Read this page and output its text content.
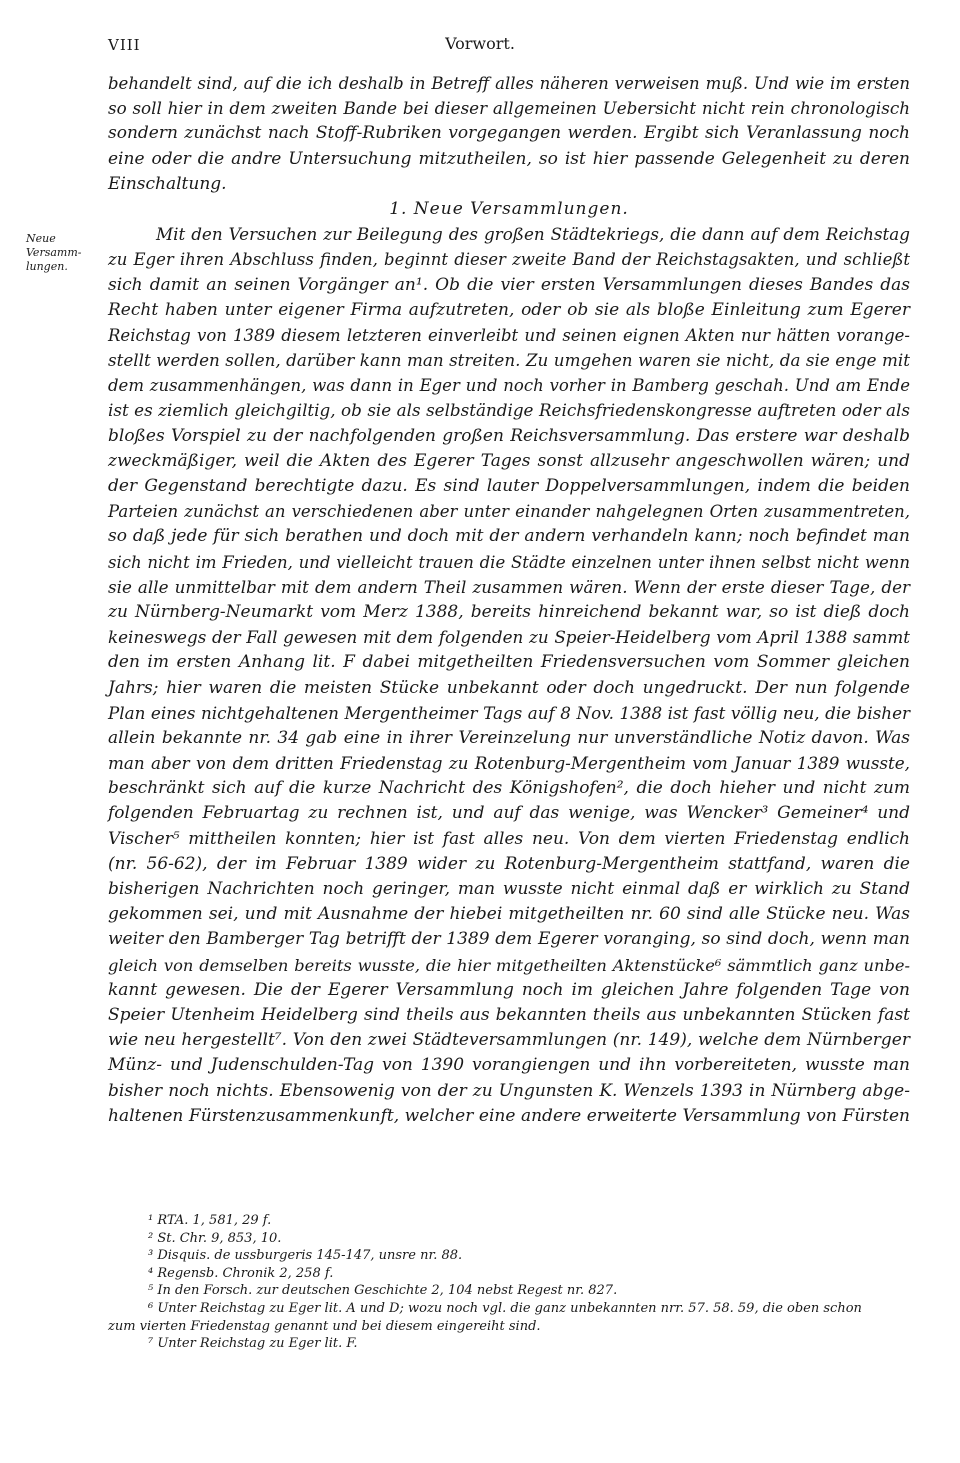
VIII	Vorwort.
Neue
Versamm-
lungen.
behandelt sind, auf die ich deshalb in Betreff alles näheren verweisen muß. Und wie im ersten
so soll hier in dem zweiten Bande bei dieser allgemeinen Uebersicht nicht rein chronologisch
sondern zunächst nach Stoff-Rubriken vorgegangen werden. Ergibt sich Veranlassung noch
eine oder die andre Untersuchung mitzutheilen, so ist hier passende Gelegenheit zu deren
Einschaltung.
1. Neue Versammlungen.
Mit den Versuchen zur Beilegung des großen Städtekriegs, die dann auf dem Reichstag
zu Eger ihren Abschluss finden, beginnt dieser zweite Band der Reichstagsakten, und schließt
sich damit an seinen Vorgänger an¹. Ob die vier ersten Versammlungen dieses Bandes das
Recht haben unter eigener Firma aufzutreten, oder ob sie als bloße Einleitung zum Egerer
Reichstag von 1389 diesem letzteren einverleibt und seinen eignen Akten nur hätten vorange-
stellt werden sollen, darüber kann man streiten. Zu umgehen waren sie nicht, da sie enge mit
dem zusammenhängen, was dann in Eger und noch vorher in Bamberg geschah. Und am Ende
ist es ziemlich gleichgiltig, ob sie als selbständige Reichsfriedenskongresse auftreten oder als
bloßes Vorspiel zu der nachfolgenden großen Reichsversammlung. Das erstere war deshalb
zweckmäßiger, weil die Akten des Egerer Tages sonst allzusehr angeschwollen wären; und
der Gegenstand berechtigte dazu. Es sind lauter Doppelversammlungen, indem die beiden
Parteien zunächst an verschiedenen aber unter einander nahgelegnen Orten zusammentreten,
so daß jede für sich berathen und doch mit der andern verhandeln kann; noch befindet man
sich nicht im Frieden, und vielleicht trauen die Städte einzelnen unter ihnen selbst nicht wenn
sie alle unmittelbar mit dem andern Theil zusammen wären. Wenn der erste dieser Tage, der
zu Nürnberg-Neumarkt vom Merz 1388, bereits hinreichend bekannt war, so ist dieß doch
keineswegs der Fall gewesen mit dem folgenden zu Speier-Heidelberg vom April 1388 sammt
den im ersten Anhang lit. F dabei mitgetheilten Friedensversuchen vom Sommer gleichen
Jahrs; hier waren die meisten Stücke unbekannt oder doch ungedruckt. Der nun folgende
Plan eines nichtgehaltenen Mergentheimer Tags auf 8 Nov. 1388 ist fast völlig neu, die bisher
allein bekannte nr. 34 gab eine in ihrer Vereinzelung nur unverständliche Notiz davon. Was
man aber von dem dritten Friedenstag zu Rotenburg-Mergentheim vom Januar 1389 wusste,
beschränkt sich auf die kurze Nachricht des Königshofen², die doch hieher und nicht zum
folgenden Februartag zu rechnen ist, und auf das wenige, was Wencker³ Gemeiner⁴ und
Vischer⁵ mittheilen konnten; hier ist fast alles neu. Von dem vierten Friedenstag endlich
(nr. 56-62), der im Februar 1389 wider zu Rotenburg-Mergentheim stattfand, waren die
bisherigen Nachrichten noch geringer, man wusste nicht einmal daß er wirklich zu Stand
gekommen sei, und mit Ausnahme der hiebei mitgetheilten nr. 60 sind alle Stücke neu. Was
weiter den Bamberger Tag betrifft der 1389 dem Egerer voranging, so sind doch, wenn man
gleich von demselben bereits wusste, die hier mitgetheilten Aktenstücke⁶ sämmtlich ganz unbe-
kannt gewesen. Die der Egerer Versammlung noch im gleichen Jahre folgenden Tage von
Speier Utenheim Heidelberg sind theils aus bekannten theils aus unbekannten Stücken fast
wie neu hergestellt⁷. Von den zwei Städteversammlungen (nr. 149), welche dem Nürnberger
Münz- und Judenschulden-Tag von 1390 vorangiengen und ihn vorbereiteten, wusste man
bisher noch nichts. Ebensowenig von der zu Ungunsten K. Wenzels 1393 in Nürnberg abge-
haltenen Fürstenzusammenkunft, welcher eine andere erweiterte Versammlung von Fürsten
¹ RTA. 1, 581, 29 f.
² St. Chr. 9, 853, 10.
³ Disquis. de ussburgeris 145-147, unsre nr. 88.
⁴ Regensb. Chronik 2, 258 f.
⁵ In den Forsch. zur deutschen Geschichte 2, 104 nebst Regest nr. 827.
⁶ Unter Reichstag zu Eger lit. A und D; wozu noch vgl. die ganz unbekannten nrr. 57. 58. 59, die oben schon
zum vierten Friedenstag genannt und bei diesem eingereiht sind.
⁷ Unter Reichstag zu Eger lit. F.
